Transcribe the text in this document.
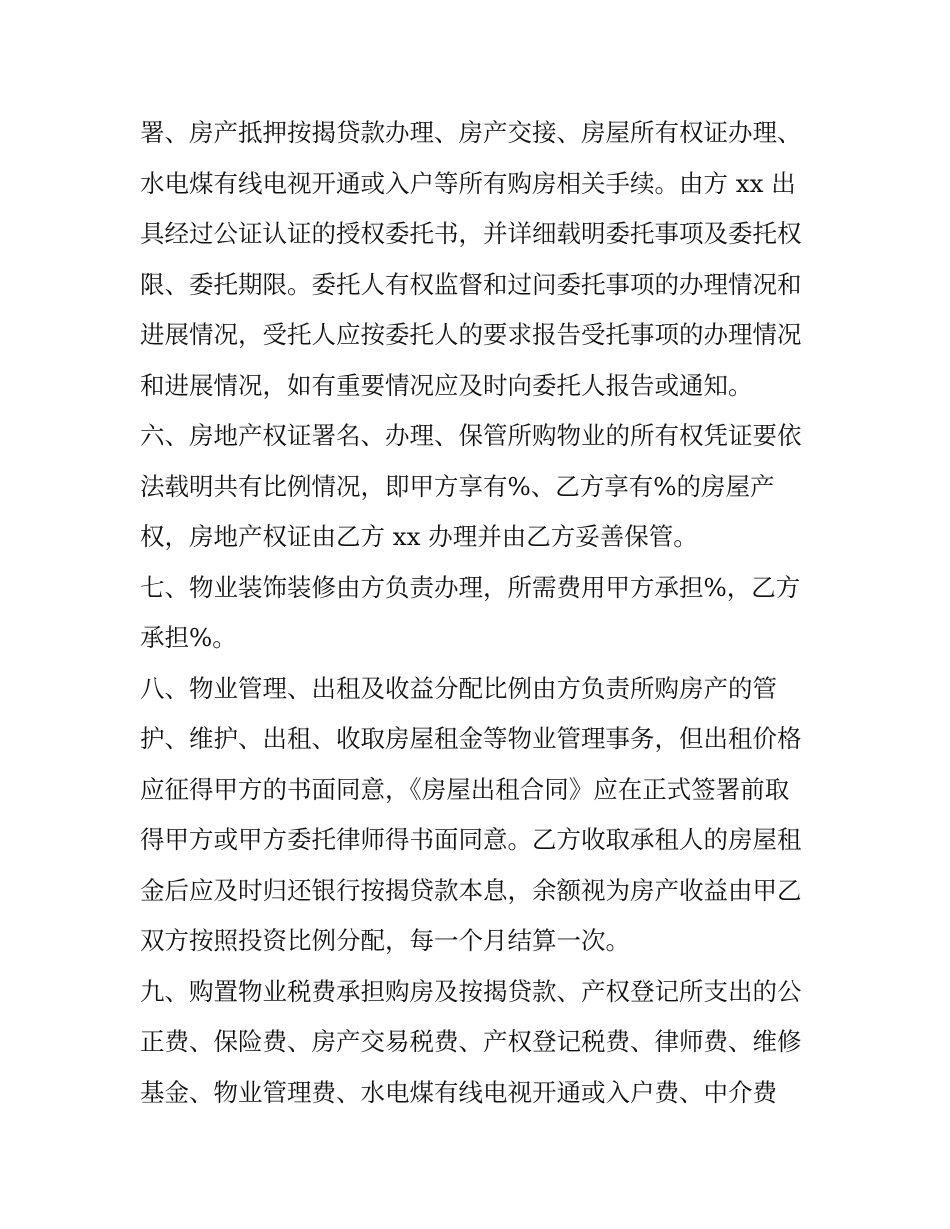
署、房产抵押按揭贷款办理、房产交接、房屋所有权证办理、
水电煤有线电视开通或入户等所有购房相关手续。由方 xx 出
具经过公证认证的授权委托书，并详细载明委托事项及委托权
限、委托期限。委托人有权监督和过问委托事项的办理情况和
进展情况，受托人应按委托人的要求报告受托事项的办理情况
和进展情况，如有重要情况应及时向委托人报告或通知。
六、房地产权证署名、办理、保管所购物业的所有权凭证要依
法载明共有比例情况，即甲方享有%、乙方享有%的房屋产
权，房地产权证由乙方 xx 办理并由乙方妥善保管。
七、物业装饰装修由方负责办理，所需费用甲方承担%，乙方
承担%。
八、物业管理、出租及收益分配比例由方负责所购房产的管
护、维护、出租、收取房屋租金等物业管理事务，但出租价格
应征得甲方的书面同意，《房屋出租合同》应在正式签署前取
得甲方或甲方委托律师得书面同意。乙方收取承租人的房屋租
金后应及时归还银行按揭贷款本息，余额视为房产收益由甲乙
双方按照投资比例分配，每一个月结算一次。
九、购置物业税费承担购房及按揭贷款、产权登记所支出的公
正费、保险费、房产交易税费、产权登记税费、律师费、维修
基金、物业管理费、水电煤有线电视开通或入户费、中介费
